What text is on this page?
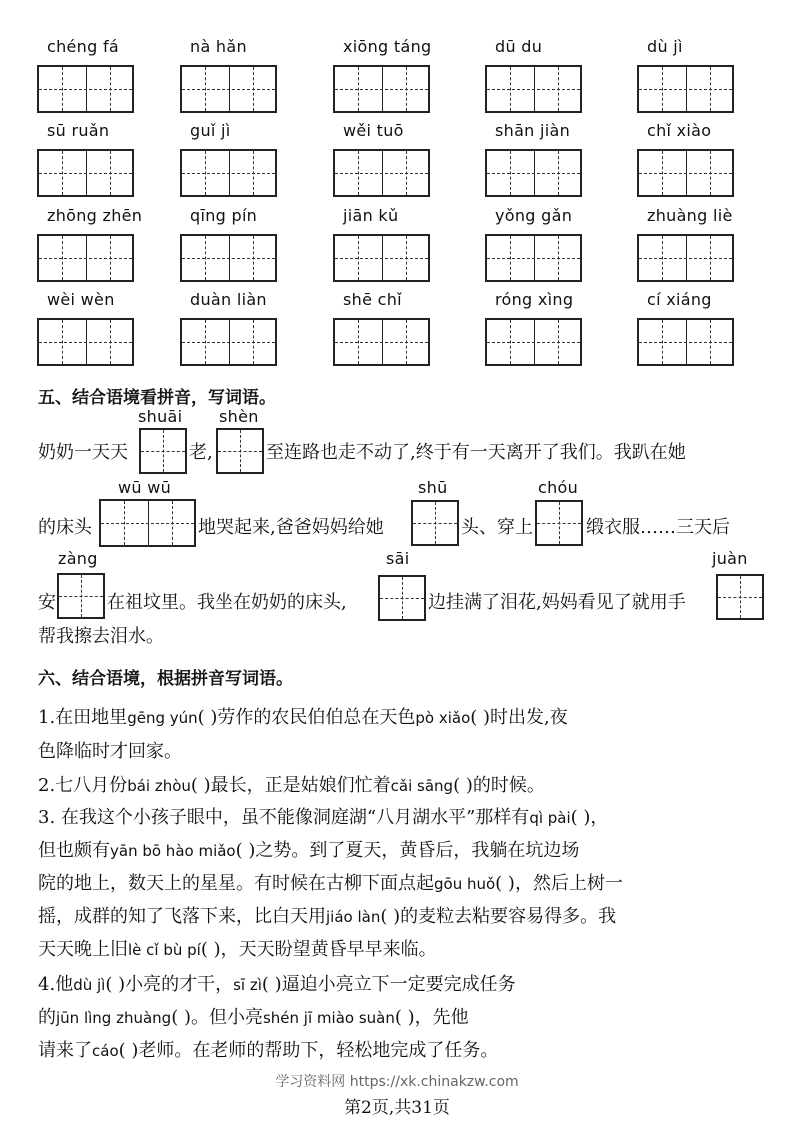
chéng fá	nà hǎn	xiōng táng	dū du	dù jì
sū ruǎn	guǐ jì	wěi tuō	shān jiàn	chǐ xiào
zhōng zhēn	qīng pín	jiān kǔ	yǒng gǎn	zhuàng liè
wèi wèn	duàn liàn	shē chǐ	róng xìng	cí xiáng
五、结合语境看拼音，写词语。
shuāi shèn
奶奶一天天	老,	至连路也走不动了,终于有一天离开了我们。我趴在她
wū wū	shū	chóu
的床头	地哭起来,爸爸妈妈给她	头、穿上	缎衣服……三天后
zàng	sāi	juàn
安	在祖坟里。我坐在奶奶的床头,	边挂满了泪花,妈妈看见了就用手
帮我擦去泪水。
六、结合语境，根据拼音写词语。
1.在田地里gēng yún( )劳作的农民伯伯总在天色pò xiǎo( )时出发,夜
色降临时才回家。
2.七八月份bái zhòu( )最长，正是姑娘们忙着cǎi sāng( )的时候。
3. 在我这个小孩子眼中，虽不能像洞庭湖“八月湖水平”那样有qì pài( )，
但也颇有yān bō hào miǎo( )之势。到了夏天，黄昏后，我躺在坑边场
院的地上，数天上的星星。有时候在古柳下面点起gōu huǒ( )，然后上树一
摇，成群的知了飞落下来，比白天用jiáo làn( )的麦粒去粘要容易得多。我
天天晚上旧lè cǐ bù pí( )，天天盼望黄昏早早来临。
4.他dù jì( )小亮的才干，sī zì( )逼迫小亮立下一定要完成任务
的jūn lìng zhuàng( )。但小亮shén jī miào suàn( )，先他
请来了cáo( )老师。在老师的帮助下，轻松地完成了任务。
学习资料网 https://xk.chinakzw.com
第2页,共31页
